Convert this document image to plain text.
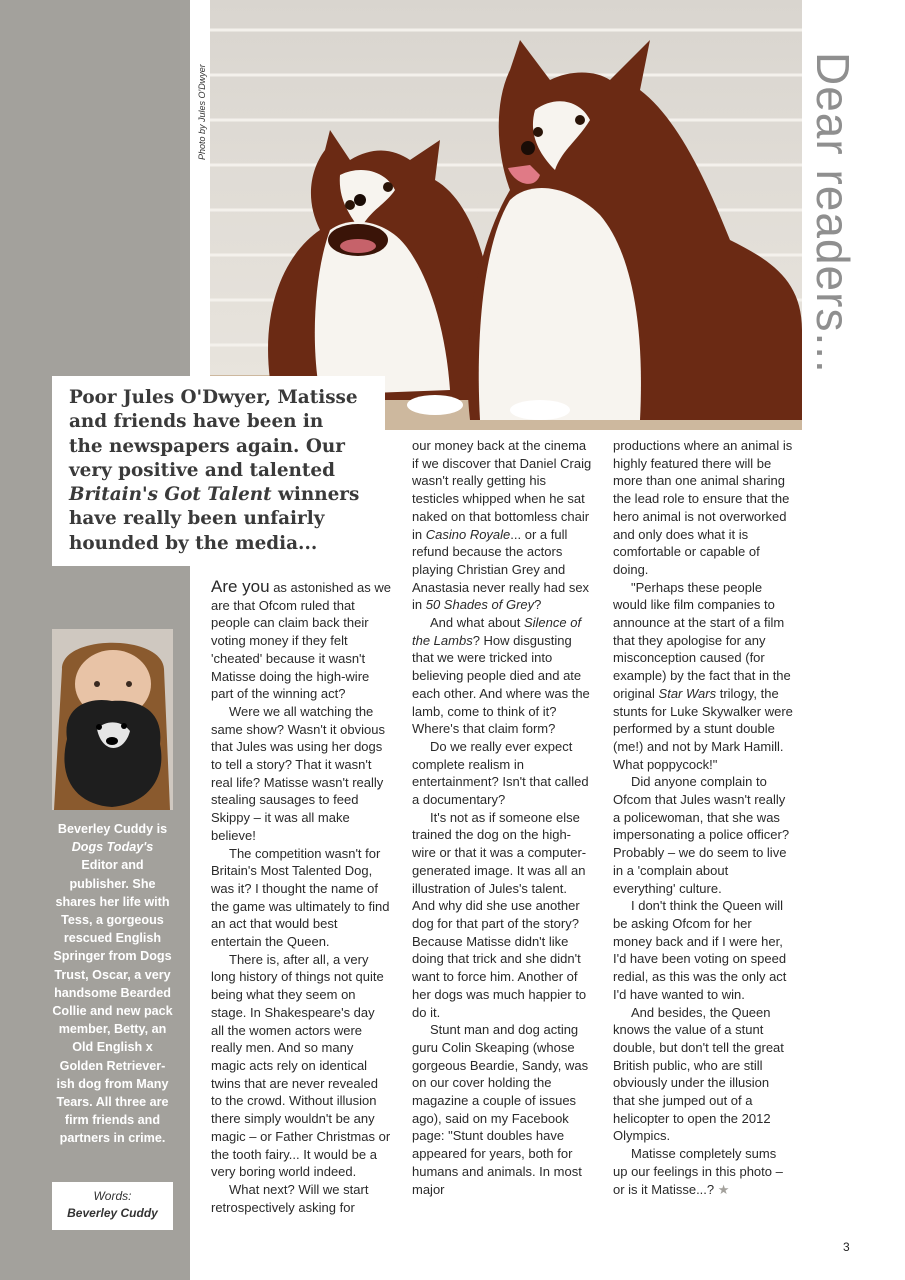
Photo by Jules O'Dwyer	Dear readers...
Poor Jules O'Dwyer, Matisse
and friends have been in
the newspapers again. Our
very positive and talented
Britain's Got Talent winners
have really been unfairly
hounded by the media...
Beverley Cuddy is Dogs Today's Editor and publisher. She shares her life with Tess, a gorgeous rescued English Springer from Dogs Trust, Oscar, a very handsome Bearded Collie and new pack member, Betty, an Old English x Golden Retriever-ish dog from Many Tears. All three are firm friends and partners in crime.
Words:
Beverley Cuddy

Are you as astonished as we are that Ofcom ruled that people can claim back their voting money if they felt 'cheated' because it wasn't Matisse doing the high-wire part of the winning act?

Were we all watching the same show? Wasn't it obvious that Jules was using her dogs to tell a story? That it wasn't real life? Matisse wasn't really stealing sausages to feed Skippy – it was all make believe!

The competition wasn't for Britain's Most Talented Dog, was it? I thought the name of the game was ultimately to find an act that would best entertain the Queen.

There is, after all, a very long history of things not quite being what they seem on stage. In Shakespeare's day all the women actors were really men. And so many magic acts rely on identical twins that are never revealed to the crowd. Without illusion there simply wouldn't be any magic – or Father Christmas or the tooth fairy... It would be a very boring world indeed.

What next? Will we start retrospectively asking for

our money back at the cinema if we discover that Daniel Craig wasn't really getting his testicles whipped when he sat naked on that bottomless chair in Casino Royale... or a full refund because the actors playing Christian Grey and Anastasia never really had sex in 50 Shades of Grey?

And what about Silence of the Lambs? How disgusting that we were tricked into believing people died and ate each other. And where was the lamb, come to think of it? Where's that claim form?

Do we really ever expect complete realism in entertainment? Isn't that called a documentary?

It's not as if someone else trained the dog on the high-wire or that it was a computer-generated image. It was all an illustration of Jules's talent. And why did she use another dog for that part of the story? Because Matisse didn't like doing that trick and she didn't want to force him. Another of her dogs was much happier to do it.

Stunt man and dog acting guru Colin Skeaping (whose gorgeous Beardie, Sandy, was on our cover holding the magazine a couple of issues ago), said on my Facebook page: "Stunt doubles have appeared for years, both for humans and animals. In most major

productions where an animal is highly featured there will be more than one animal sharing the lead role to ensure that the hero animal is not overworked and only does what it is comfortable or capable of doing.

"Perhaps these people would like film companies to announce at the start of a film that they apologise for any misconception caused (for example) by the fact that in the original Star Wars trilogy, the stunts for Luke Skywalker were performed by a stunt double (me!) and not by Mark Hamill. What poppycock!"

Did anyone complain to Ofcom that Jules wasn't really a policewoman, that she was impersonating a police officer? Probably – we do seem to live in a 'complain about everything' culture.

I don't think the Queen will be asking Ofcom for her money back and if I were her, I'd have been voting on speed redial, as this was the only act I'd have wanted to win.

And besides, the Queen knows the value of a stunt double, but don't tell the great British public, who are still obviously under the illusion that she jumped out of a helicopter to open the 2012 Olympics.

Matisse completely sums up our feelings in this photo – or is it Matisse...? ★

3
